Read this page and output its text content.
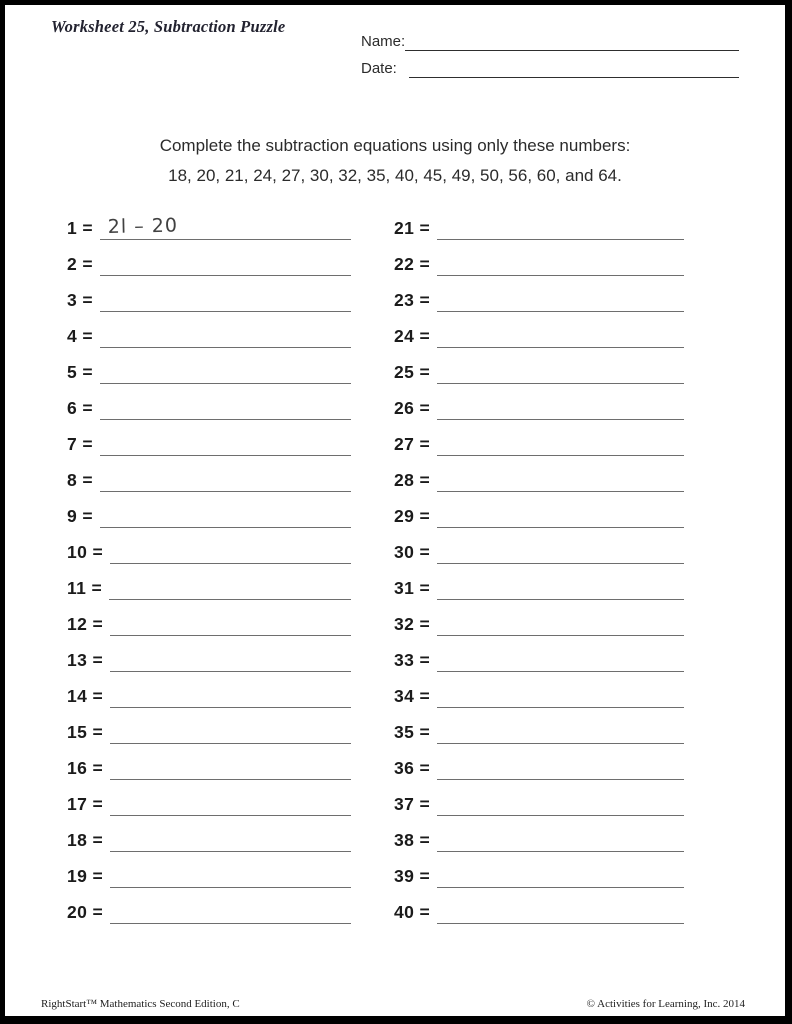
Worksheet 25, Subtraction Puzzle
Name:
Date:
Complete the subtraction equations using only these numbers:
18, 20, 21, 24, 27, 30, 32, 35, 40, 45, 49, 50, 56, 60, and 64.
1 = 2l – 20
2 =
3 =
4 =
5 =
6 =
7 =
8 =
9 =
10 =
11 =
12 =
13 =
14 =
15 =
16 =
17 =
18 =
19 =
20 =
21 =
22 =
23 =
24 =
25 =
26 =
27 =
28 =
29 =
30 =
31 =
32 =
33 =
34 =
35 =
36 =
37 =
38 =
39 =
40 =
RightStart™ Mathematics Second Edition, C	© Activities for Learning, Inc. 2014
